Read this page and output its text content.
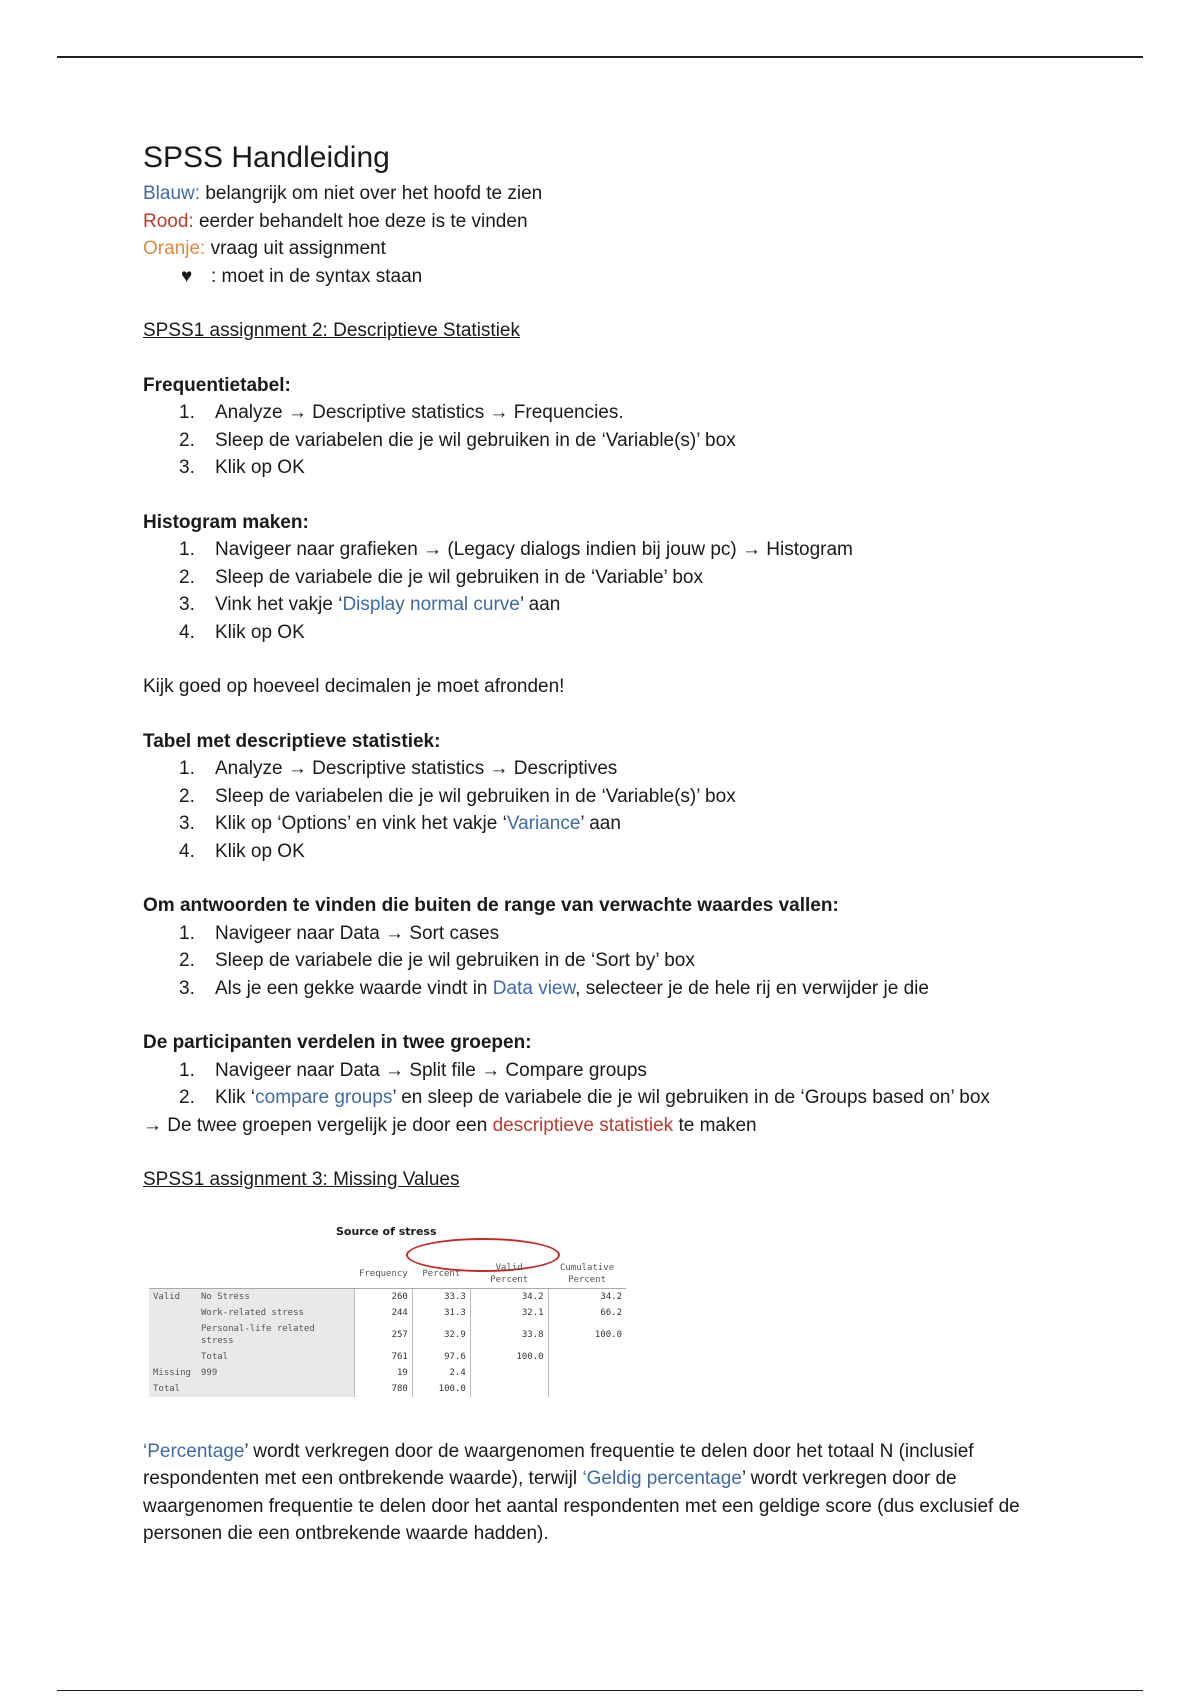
SPSS Handleiding

Blauw: belangrijk om niet over het hoofd te zien

Rood: eerder behandelt hoe deze is te vinden

Oranje: vraag uit assignment

♥ : moet in de syntax staan

SPSS1 assignment 2: Descriptieve Statistiek
Frequentietabel:
1. Analyze → Descriptive statistics → Frequencies.
2. Sleep de variabelen die je wil gebruiken in de ‘Variable(s)’ box
3. Klik op OK
Histogram maken:
1. Navigeer naar grafieken → (Legacy dialogs indien bij jouw pc) → Histogram
2. Sleep de variabele die je wil gebruiken in de ‘Variable’ box
3. Vink het vakje ‘Display normal curve’ aan
4. Klik op OK
Kijk goed op hoeveel decimalen je moet afronden!
Tabel met descriptieve statistiek:
1. Analyze → Descriptive statistics → Descriptives
2. Sleep de variabelen die je wil gebruiken in de ‘Variable(s)’ box
3. Klik op ‘Options’ en vink het vakje ‘Variance’ aan
4. Klik op OK
Om antwoorden te vinden die buiten de range van verwachte waardes vallen:
1. Navigeer naar Data → Sort cases
2. Sleep de variabele die je wil gebruiken in de ‘Sort by’ box
3. Als je een gekke waarde vindt in Data view, selecteer je de hele rij en verwijder je die
De participanten verdelen in twee groepen:
1. Navigeer naar Data → Split file → Compare groups
2. Klik ‘compare groups’ en sleep de variabele die je wil gebruiken in de ‘Groups based on’ box

→ De twee groepen vergelijk je door een descriptieve statistiek te maken

SPSS1 assignment 3: Missing Values
Source of stress
		Frequency	Percent	Valid Percent	Cumulative Percent
Valid	No Stress	260	33.3	34.2	34.2
	Work-related stress	244	31.3	32.1	66.2
	Personal-life related stress	257	32.9	33.8	100.0
	Total	761	97.6	100.0	
Missing	999	19	2.4		
Total		780	100.0		
‘Percentage’ wordt verkregen door de waargenomen frequentie te delen door het totaal N (inclusief respondenten met een ontbrekende waarde), terwijl ‘Geldig percentage’ wordt verkregen door de waargenomen frequentie te delen door het aantal respondenten met een geldige score (dus exclusief de personen die een ontbrekende waarde hadden).
